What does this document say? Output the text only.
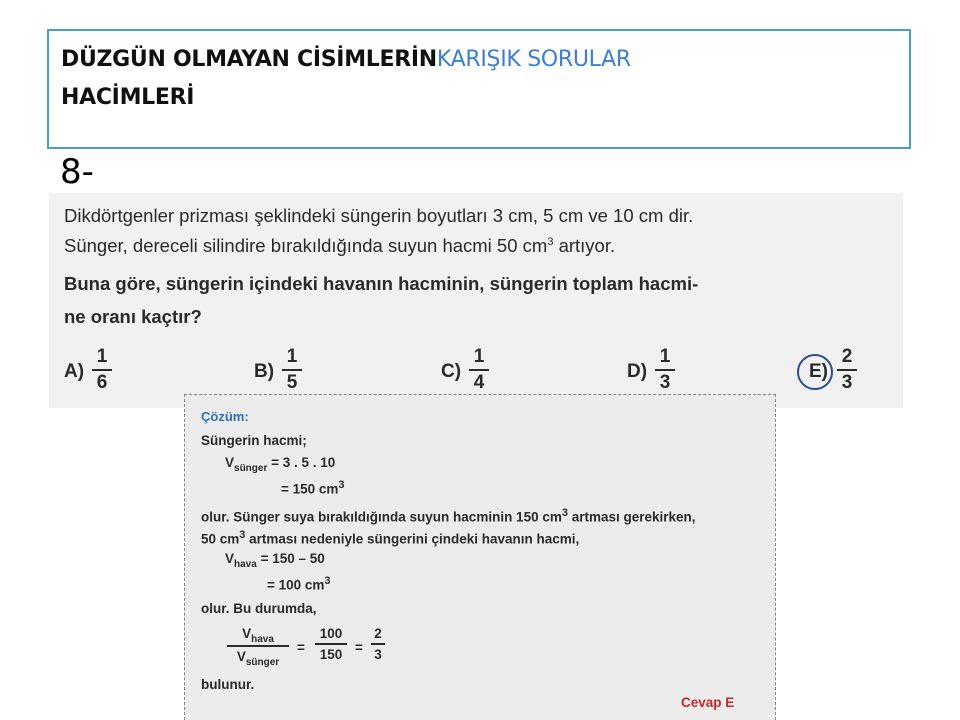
DÜZGÜN OLMAYAN CİSİMLERİNKARIŞIK SORULAR
HACİMLERİ
8-
Dikdörtgenler prizması şeklindeki süngerin boyutları 3 cm, 5 cm ve 10 cm dir.
Sünger, dereceli silindire bırakıldığında suyun hacmi 50 $cm^3$ artıyor.
Buna göre, süngerin içindeki havanın hacminin, süngerin toplam hacmi-
ne oranı kaçtır?
A)
1
6
B)
1
5
C)
1
4
D)
1
3
E)
2
3
Çözüm:
Süngerin hacmi;
$V_{sünger} = 3$ . 5 . 10
= 150 $cm^3$
olur. Sünger suya bırakıldığında suyun hacminin 150 $cm^3$ artması gerekirken,
50 $cm^3$ artması nedeniyle süngerini çindeki havanın hacmi,
$V_{hava} = 150 - 50$
= 100 $cm^3$
olur. Bu durumda,
$V_{hava}$
$V_{sünger}$
=
100
150 =
2
3
bulunur.
Cevap E
